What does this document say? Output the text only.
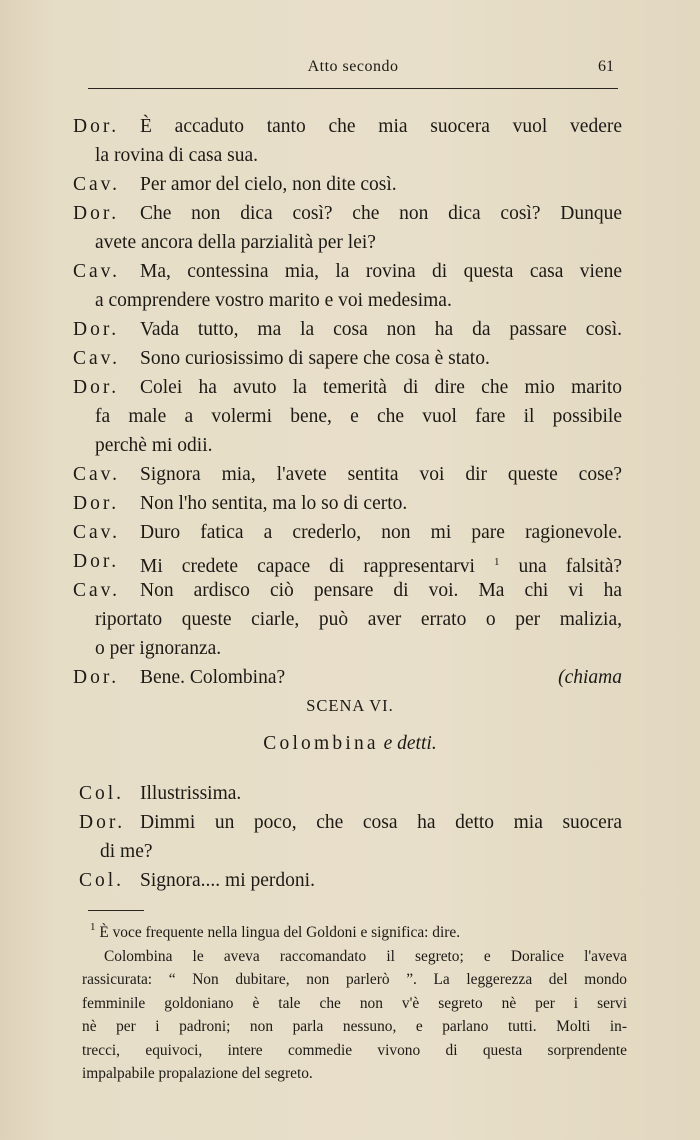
Atto secondo	61
Dor. È accaduto tanto che mia suocera vuol vedere
la rovina di casa sua.
Cav. Per amor del cielo, non dite così.
Dor. Che non dica così? che non dica così? Dunque
avete ancora della parzialità per lei?
Cav. Ma, contessina mia, la rovina di questa casa viene
a comprendere vostro marito e voi medesima.
Dor. Vada tutto, ma la cosa non ha da passare così.
Cav. Sono curiosissimo di sapere che cosa è stato.
Dor. Colei ha avuto la temerità di dire che mio marito
fa male a volermi bene, e che vuol fare il possibile
perchè mi odii.
Cav. Signora mia, l'avete sentita voi dir queste cose?
Dor. Non l'ho sentita, ma lo so di certo.
Cav. Duro fatica a crederlo, non mi pare ragionevole.
Dor. Mi credete capace di rappresentarvi $^1$ una falsità?
Cav. Non ardisco ciò pensare di voi. Ma chi vi ha
riportato queste ciarle, può aver errato o per malizia,
o per ignoranza.
Dor. Bene. Colombina?	(chiama
SCENA VI.
Colombina e detti.
Col. Illustrissima.
Dor. Dimmi un poco, che cosa ha detto mia suocera
di me?
Col. Signora.... mi perdoni.
$^1$ È voce frequente nella lingua del Goldoni e significa: dire.
Colombina le aveva raccomandato il segreto; e Doralice l'aveva
rassicurata: “ Non dubitare, non parlerò ”. La leggerezza del mondo
femminile goldoniano è tale che non v'è segreto nè per i servi
nè per i padroni; non parla nessuno, e parlano tutti. Molti in-
trecci, equivoci, intere commedie vivono di questa sorprendente
impalpabile propalazione del segreto.
